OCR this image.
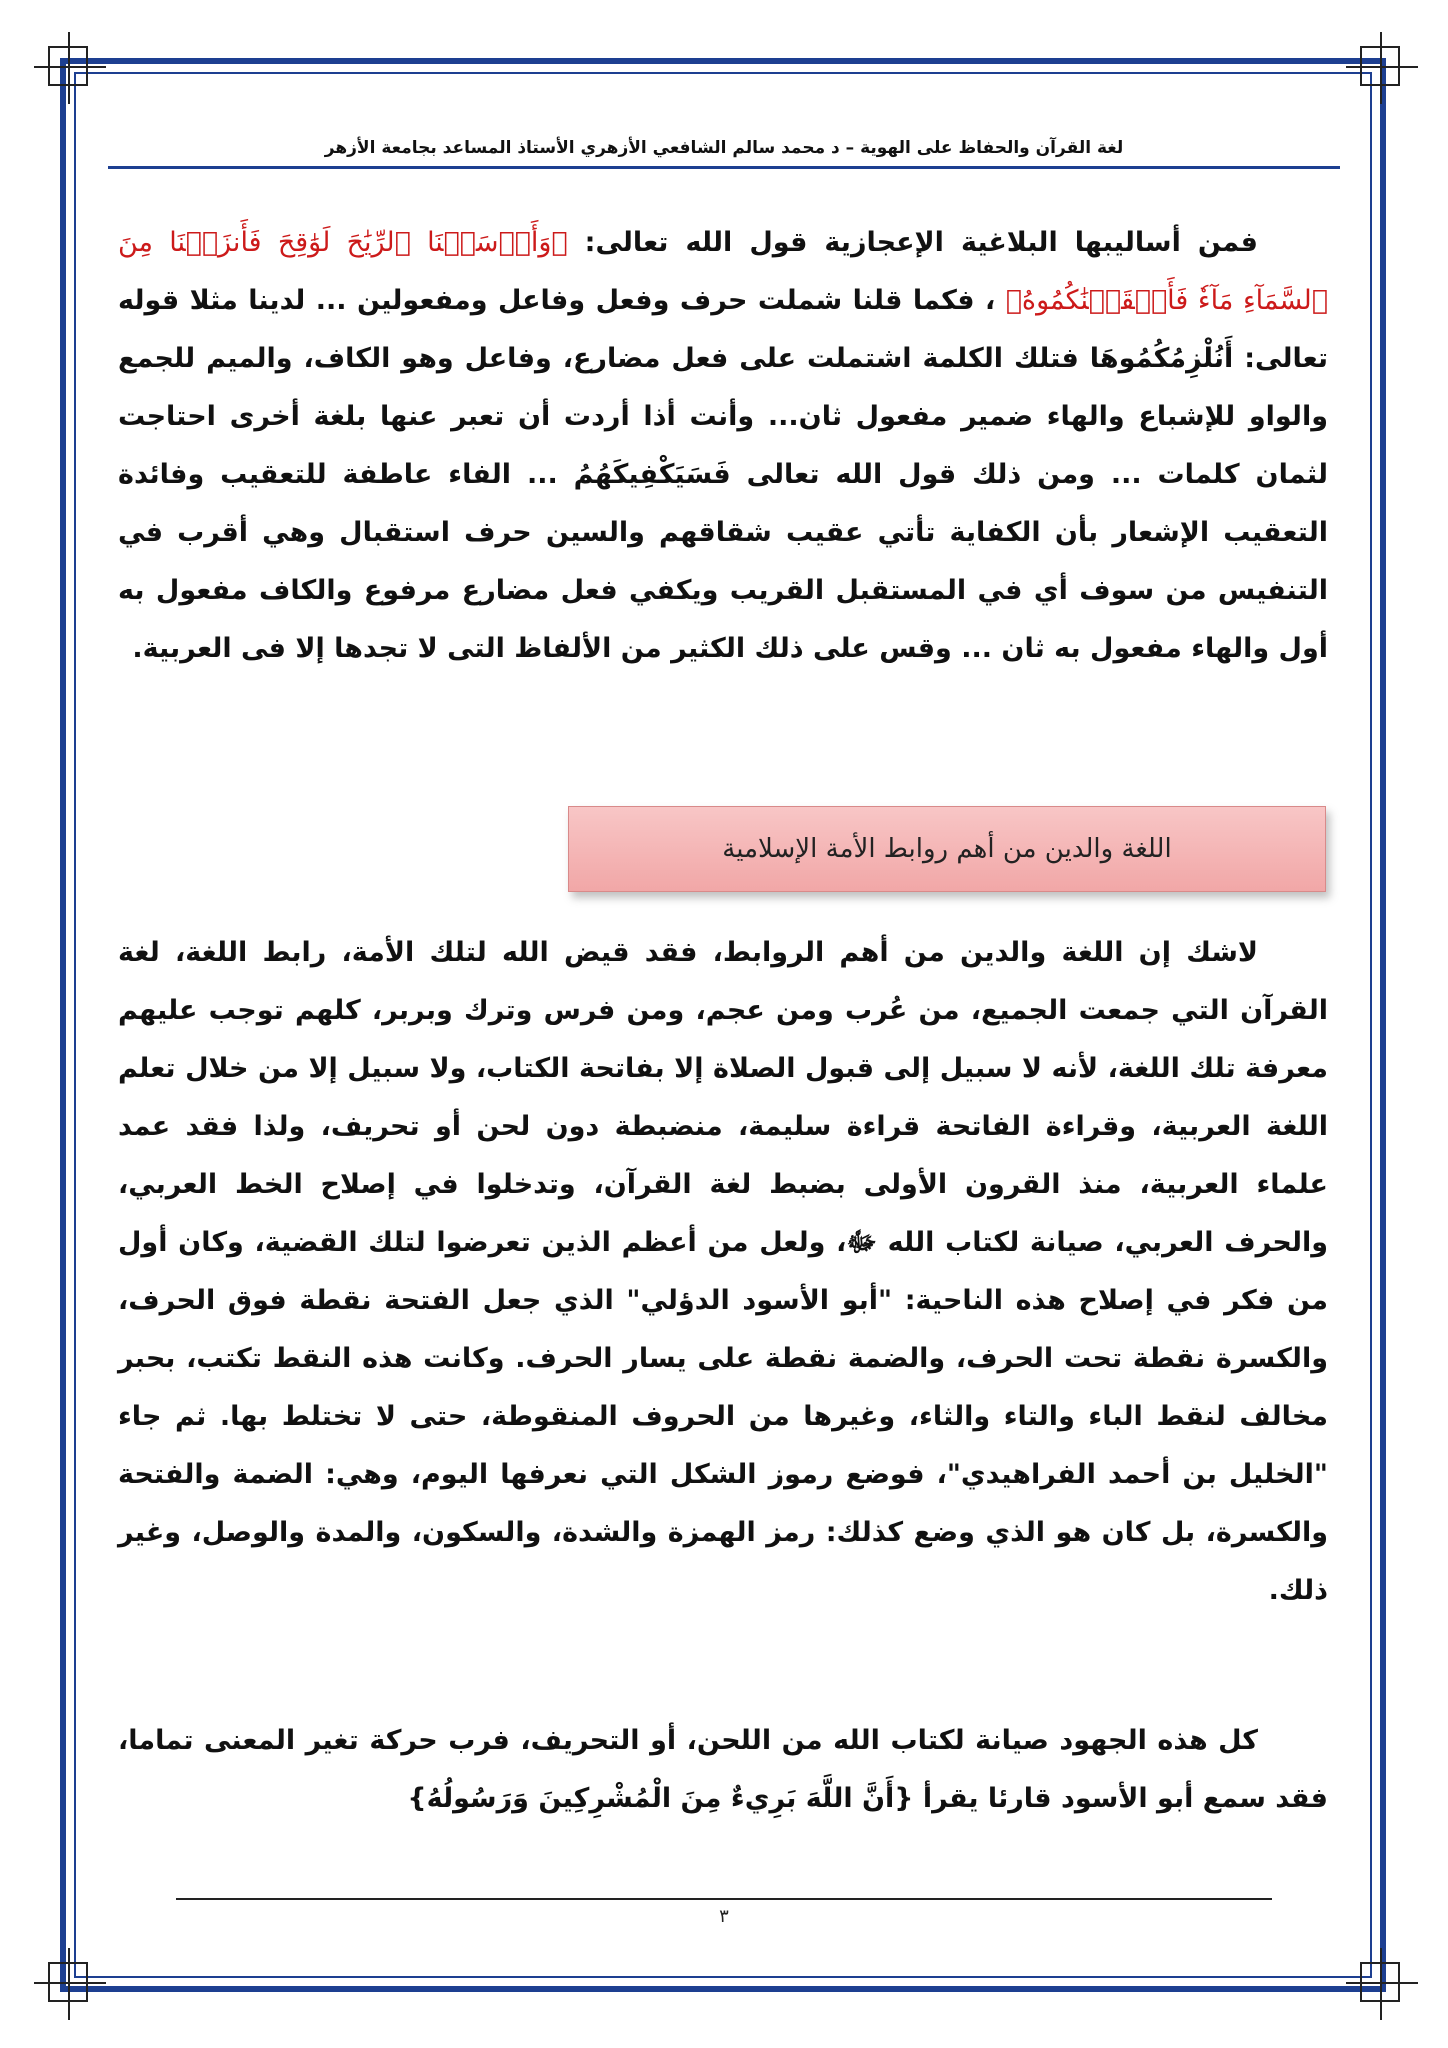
لغة القرآن والحفاظ على الهوية – د محمد سالم الشافعي الأزهري الأستاذ المساعد بجامعة الأزهر

فمن أساليبها البلاغية الإعجازية قول الله تعالى: ﴿وَأَرۡسَلۡنَا ٱلرِّيَٰحَ لَوَٰقِحَ فَأَنزَلۡنَا مِنَ ٱلسَّمَآءِ مَآءٗ فَأَسۡقَيۡنَٰكُمُوهُ﴾ ، فكما قلنا شملت حرف وفعل وفاعل ومفعولين ... لدينا مثلا قوله تعالى: أَنُلْزِمُكُمُوهَا فتلك الكلمة اشتملت على فعل مضارع، وفاعل وهو الكاف، والميم للجمع والواو للإشباع والهاء ضمير مفعول ثان... وأنت أذا أردت أن تعبر عنها بلغة أخرى احتاجت لثمان كلمات ... ومن ذلك قول الله تعالى فَسَيَكْفِيكَهُمُ ... الفاء عاطفة للتعقيب وفائدة التعقيب الإشعار بأن الكفاية تأتي عقيب شقاقهم والسين حرف استقبال وهي أقرب في التنفيس من سوف أي في المستقبل القريب ويكفي فعل مضارع مرفوع والكاف مفعول به أول والهاء مفعول به ثان ... وقس على ذلك الكثير من الألفاظ التى لا تجدها إلا فى العربية.

اللغة والدين من أهم روابط الأمة الإسلامية

لاشك إن اللغة والدين من أهم الروابط، فقد قيض الله لتلك الأمة، رابط اللغة، لغة القرآن التي جمعت الجميع، من عُرب ومن عجم، ومن فرس وترك وبربر، كلهم توجب عليهم معرفة تلك اللغة، لأنه لا سبيل إلى قبول الصلاة إلا بفاتحة الكتاب، ولا سبيل إلا من خلال تعلم اللغة العربية، وقراءة الفاتحة قراءة سليمة، منضبطة دون لحن أو تحريف، ولذا فقد عمد علماء العربية، منذ القرون الأولى بضبط لغة القرآن، وتدخلوا في إصلاح الخط العربي، والحرف العربي، صيانة لكتاب الله ﷻ، ولعل من أعظم الذين تعرضوا لتلك القضية، وكان أول من فكر في إصلاح هذه الناحية: "أبو الأسود الدؤلي" الذي جعل الفتحة نقطة فوق الحرف، والكسرة نقطة تحت الحرف، والضمة نقطة على يسار الحرف. وكانت هذه النقط تكتب، بحبر مخالف لنقط الباء والتاء والثاء، وغيرها من الحروف المنقوطة، حتى لا تختلط بها. ثم جاء "الخليل بن أحمد الفراهيدي"، فوضع رموز الشكل التي نعرفها اليوم، وهي: الضمة والفتحة والكسرة، بل كان هو الذي وضع كذلك: رمز الهمزة والشدة، والسكون، والمدة والوصل، وغير ذلك.

كل هذه الجهود صيانة لكتاب الله من اللحن، أو التحريف، فرب حركة تغير المعنى تماما، فقد سمع أبو الأسود قارئا يقرأ {أَنَّ اللَّهَ بَرِيءٌ مِنَ الْمُشْرِكِينَ وَرَسُولُهُ}

٣
